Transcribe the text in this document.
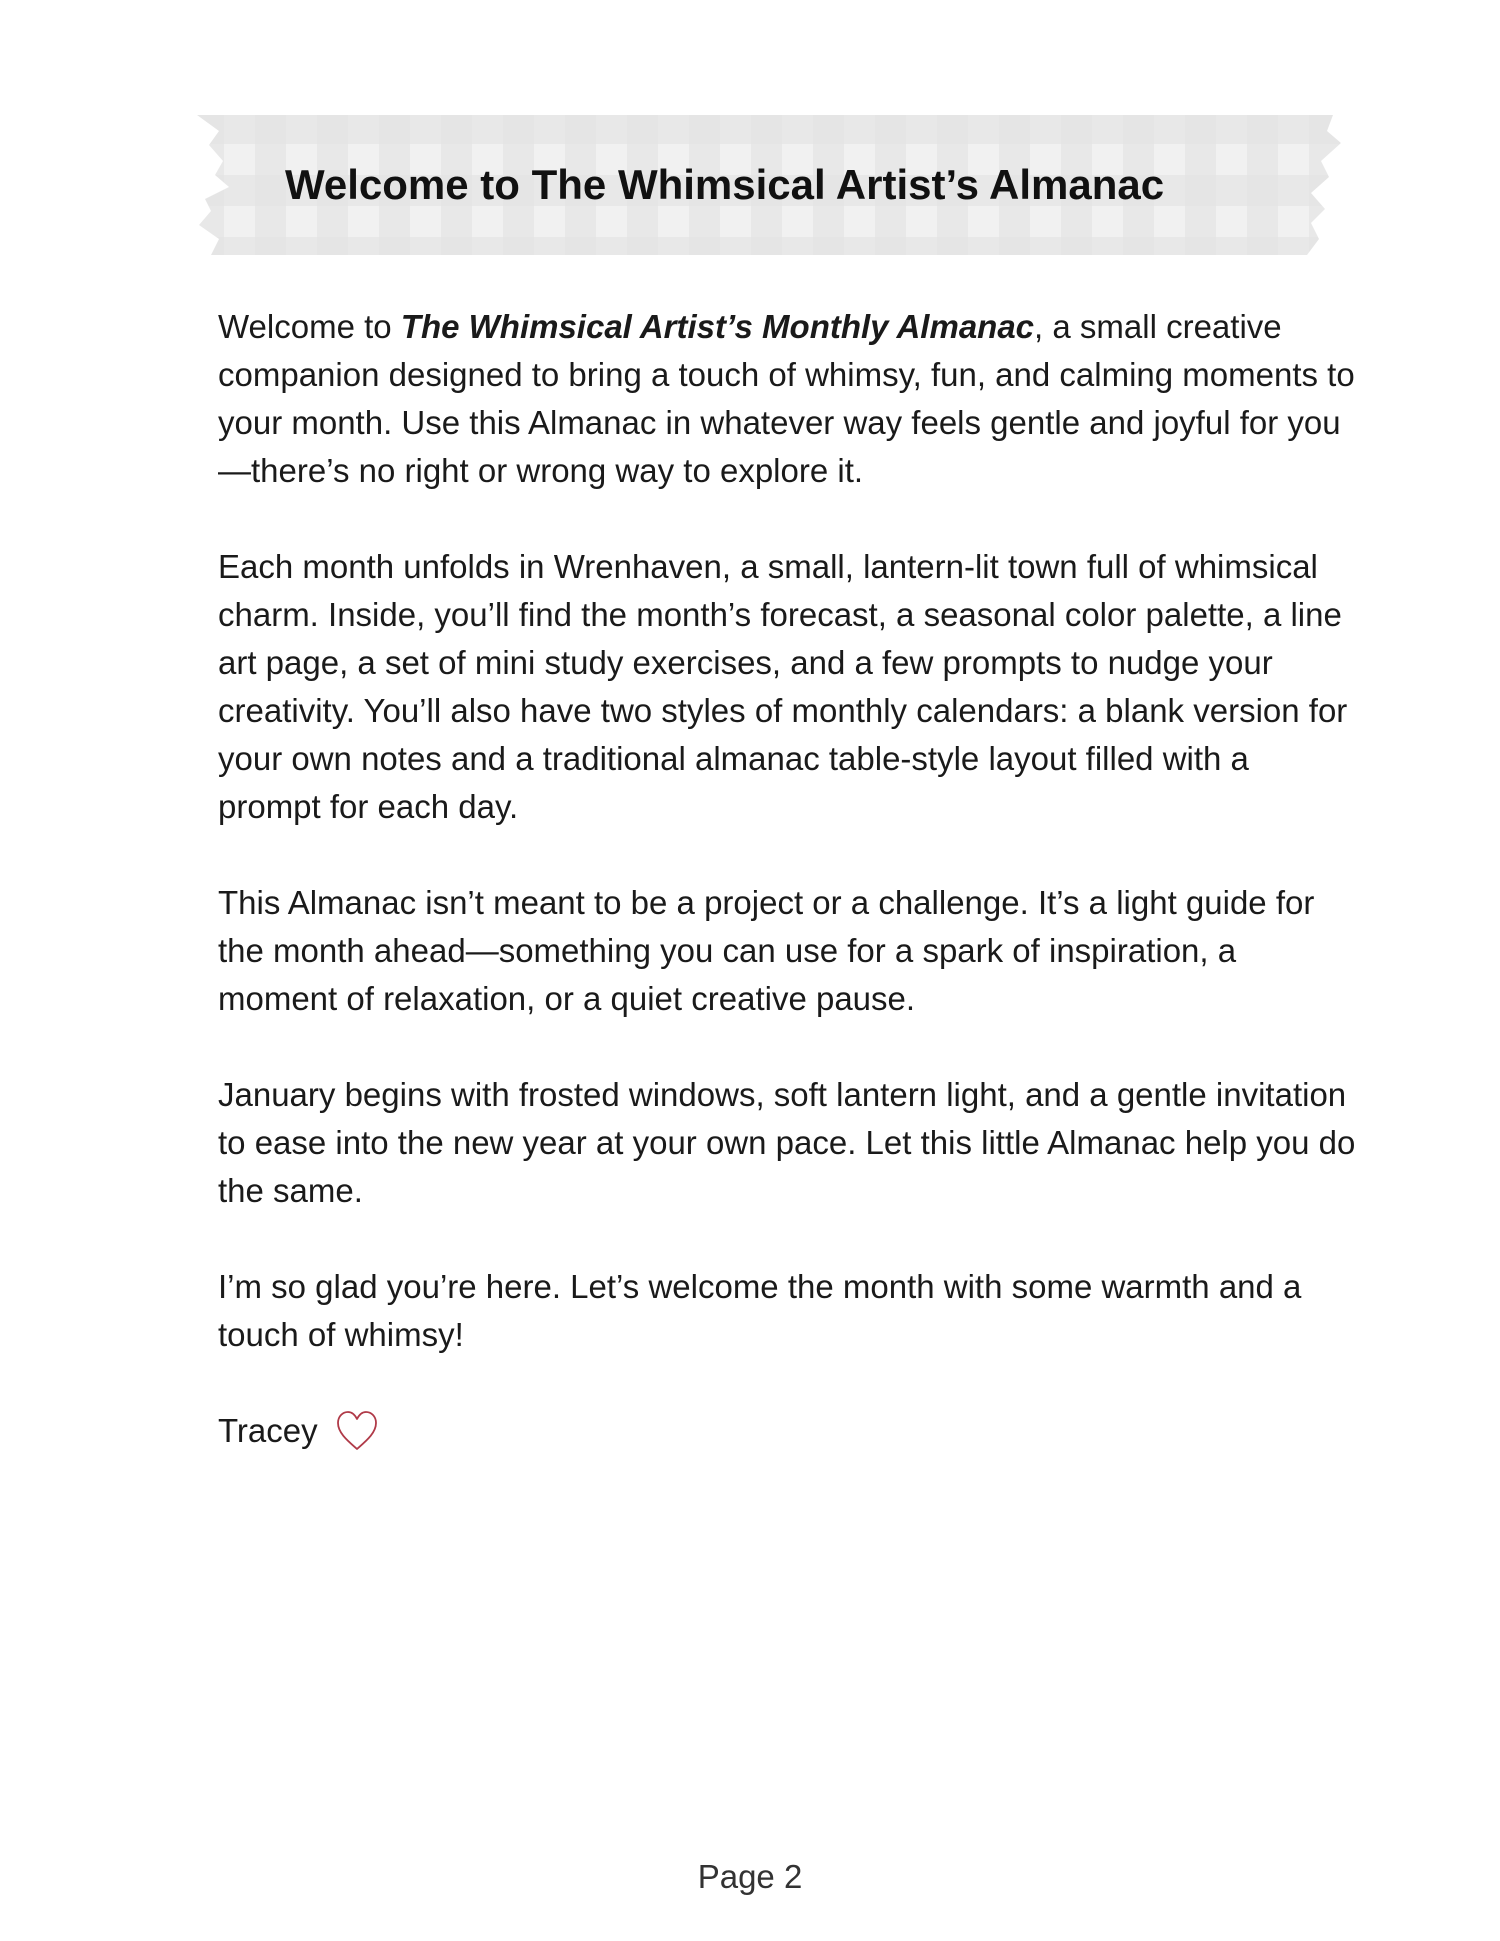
Welcome to The Whimsical Artist’s Almanac

Welcome to The Whimsical Artist’s Monthly Almanac, a small creative
companion designed to bring a touch of whimsy, fun, and calming moments to
your month. Use this Almanac in whatever way feels gentle and joyful for you
—there’s no right or wrong way to explore it.

Each month unfolds in Wrenhaven, a small, lantern-lit town full of whimsical
charm. Inside, you’ll find the month’s forecast, a seasonal color palette, a line
art page, a set of mini study exercises, and a few prompts to nudge your
creativity. You’ll also have two styles of monthly calendars: a blank version for
your own notes and a traditional almanac table-style layout filled with a
prompt for each day.

This Almanac isn’t meant to be a project or a challenge. It’s a light guide for
the month ahead—something you can use for a spark of inspiration, a
moment of relaxation, or a quiet creative pause.

January begins with frosted windows, soft lantern light, and a gentle invitation
to ease into the new year at your own pace. Let this little Almanac help you do
the same.

I’m so glad you’re here. Let’s welcome the month with some warmth and a
touch of whimsy!

Tracey

Page 2
